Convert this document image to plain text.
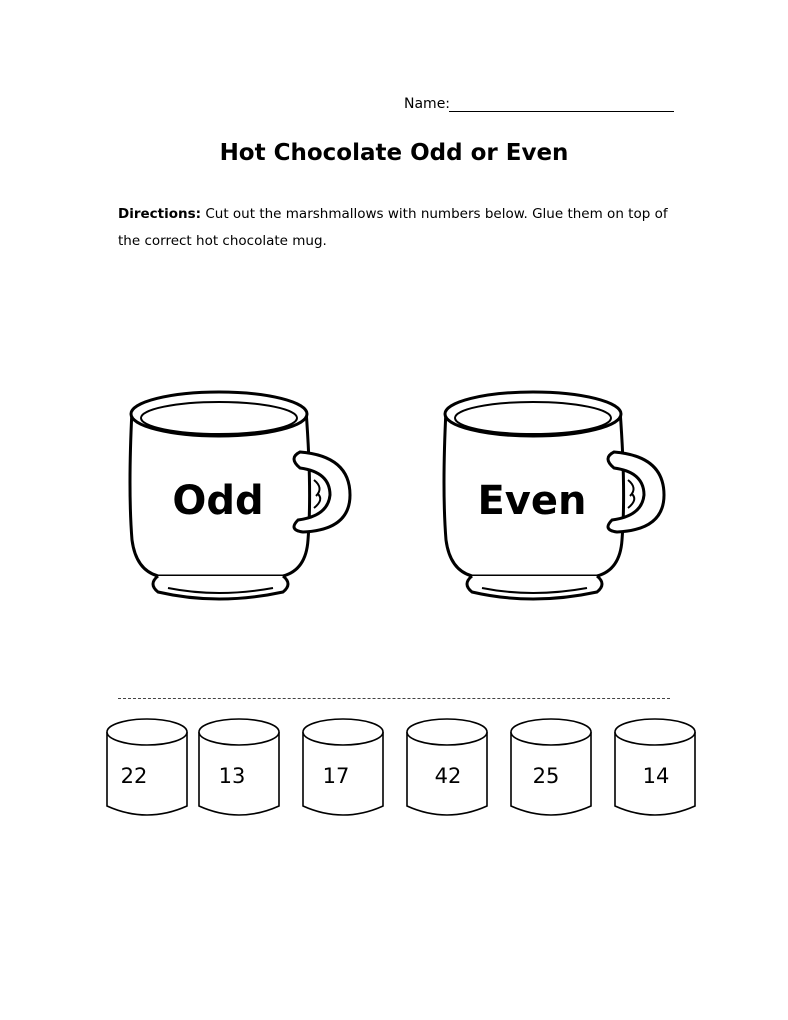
Name:
Hot Chocolate Odd or Even
Directions: Cut out the marshmallows with numbers below. Glue them on top of the correct hot chocolate mug.
Odd	Even
22	13	17	42	25	14
